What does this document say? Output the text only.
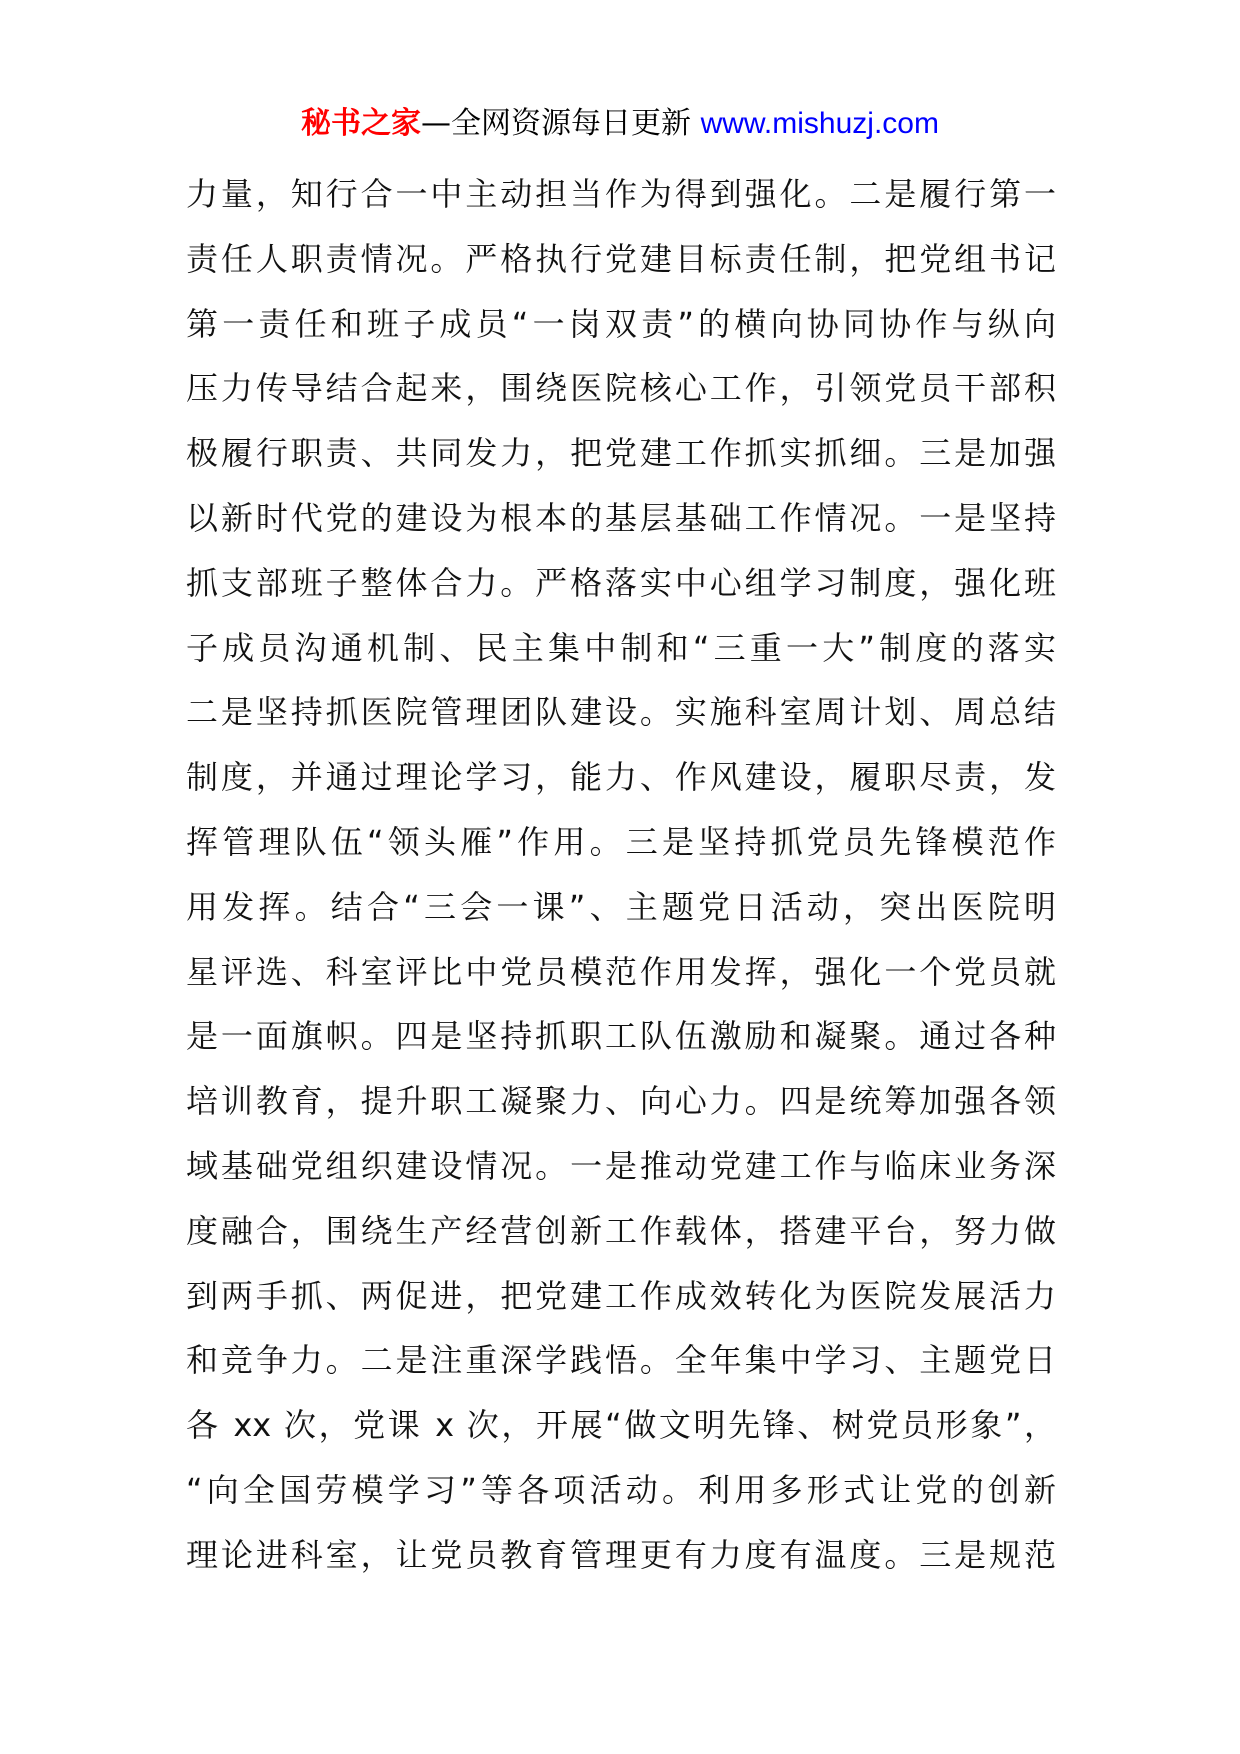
秘书之家—全网资源每日更新 www.mishuzj.com
力量，知行合一中主动担当作为得到强化。二是履行第一
责任人职责情况。严格执行党建目标责任制，把党组书记
第一责任和班子成员“一岗双责”的横向协同协作与纵向
压力传导结合起来，围绕医院核心工作，引领党员干部积
极履行职责、共同发力，把党建工作抓实抓细。三是加强
以新时代党的建设为根本的基层基础工作情况。一是坚持
抓支部班子整体合力。严格落实中心组学习制度，强化班
子成员沟通机制、民主集中制和“三重一大”制度的落实
二是坚持抓医院管理团队建设。实施科室周计划、周总结
制度，并通过理论学习，能力、作风建设，履职尽责，发
挥管理队伍“领头雁”作用。三是坚持抓党员先锋模范作
用发挥。结合“三会一课”、主题党日活动，突出医院明
星评选、科室评比中党员模范作用发挥，强化一个党员就
是一面旗帜。四是坚持抓职工队伍激励和凝聚。通过各种
培训教育，提升职工凝聚力、向心力。四是统筹加强各领
域基础党组织建设情况。一是推动党建工作与临床业务深
度融合，围绕生产经营创新工作载体，搭建平台，努力做
到两手抓、两促进，把党建工作成效转化为医院发展活力
和竞争力。二是注重深学践悟。全年集中学习、主题党日
各 xx 次，党课 x 次，开展“做文明先锋、树党员形象”，
“向全国劳模学习”等各项活动。利用多形式让党的创新
理论进科室，让党员教育管理更有力度有温度。三是规范
